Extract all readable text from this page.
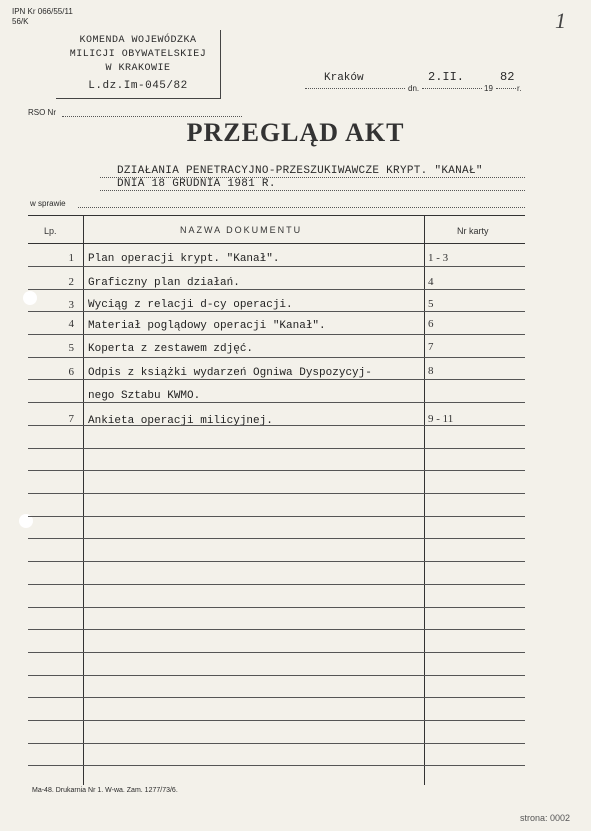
IPN Kr 066/55/11
56/K	1
KOMENDA WOJEWÓDZKA
MILICJI OBYWATELSKIEJ
W KRAKOWIE
L.dz.Im-045/82
Kraków	2.II.	82
dn.	19	r.
RSO Nr
PRZEGLĄD AKT
DZIAŁANIA PENETRACYJNO-PRZESZUKIWAWCZE KRYPT. "KANAŁ"
DNIA 18 GRUDNIA 1981 R.
w sprawie
Lp.	NAZWA DOKUMENTU	Nr karty
1 Plan operacji krypt. "Kanał".	1 - 3
2 Graficzny plan działań.	4
3 Wyciąg z relacji d-cy operacji.	5
4 Materiał poglądowy operacji "Kanał".	6
5 Koperta z zestawem zdjęć.	7
6 Odpis z książki wydarzeń Ogniwa Dyspozycyj-	8
nego Sztabu KWMO.
7 Ankieta operacji milicyjnej.	9 - 11
Ma-48. Drukarnia Nr 1. W-wa. Zam. 1277/73/6.
strona: 0002
